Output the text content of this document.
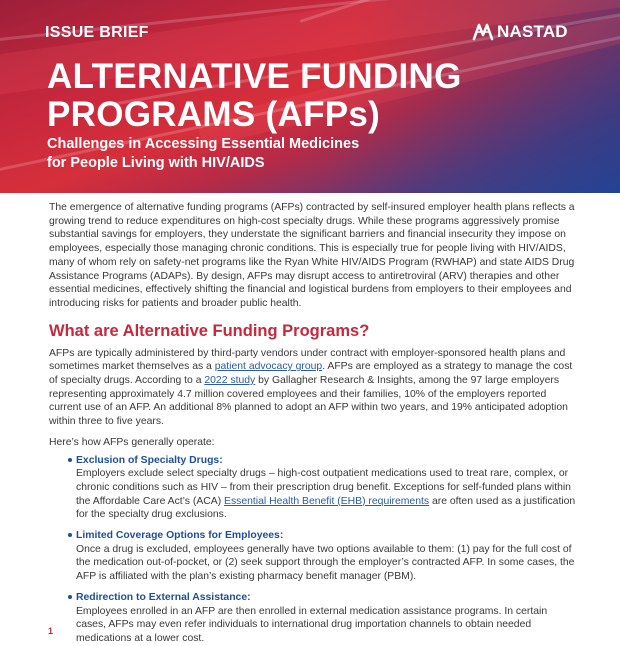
ISSUE BRIEF	NASTAD
ALTERNATIVE FUNDING
PROGRAMS (AFPs)
Challenges in Accessing Essential Medicines
for People Living with HIV/AIDS

The emergence of alternative funding programs (AFPs) contracted by self-insured employer health plans reflects a growing trend to reduce expenditures on high-cost specialty drugs. While these programs aggressively promise substantial savings for employers, they understate the significant barriers and financial insecurity they impose on employees, especially those managing chronic conditions. This is especially true for people living with HIV/AIDS, many of whom rely on safety-net programs like the Ryan White HIV/AIDS Program (RWHAP) and state AIDS Drug Assistance Programs (ADAPs). By design, AFPs may disrupt access to antiretroviral (ARV) therapies and other essential medicines, effectively shifting the financial and logistical burdens from employers to their employees and introducing risks for patients and broader public health.

What are Alternative Funding Programs?

AFPs are typically administered by third-party vendors under contract with employer-sponsored health plans and sometimes market themselves as a patient advocacy group. AFPs are employed as a strategy to manage the cost of specialty drugs. According to a 2022 study by Gallagher Research & Insights, among the 97 large employers representing approximately 4.7 million covered employees and their families, 10% of the employers reported current use of an AFP. An additional 8% planned to adopt an AFP within two years, and 19% anticipated adoption within three to five years.

Here’s how AFPs generally operate:

Exclusion of Specialty Drugs:
Employers exclude select specialty drugs – high-cost outpatient medications used to treat rare, complex, or chronic conditions such as HIV – from their prescription drug benefit. Exceptions for self-funded plans within the Affordable Care Act’s (ACA) Essential Health Benefit (EHB) requirements are often used as a justification for the specialty drug exclusions.
Limited Coverage Options for Employees:
Once a drug is excluded, employees generally have two options available to them: (1) pay for the full cost of the medication out-of-pocket, or (2) seek support through the employer’s contracted AFP. In some cases, the AFP is affiliated with the plan’s existing pharmacy benefit manager (PBM).
Redirection to External Assistance:
Employees enrolled in an AFP are then enrolled in external medication assistance programs. In certain cases, AFPs may even refer individuals to international drug importation channels to obtain needed medications at a lower cost.
1
